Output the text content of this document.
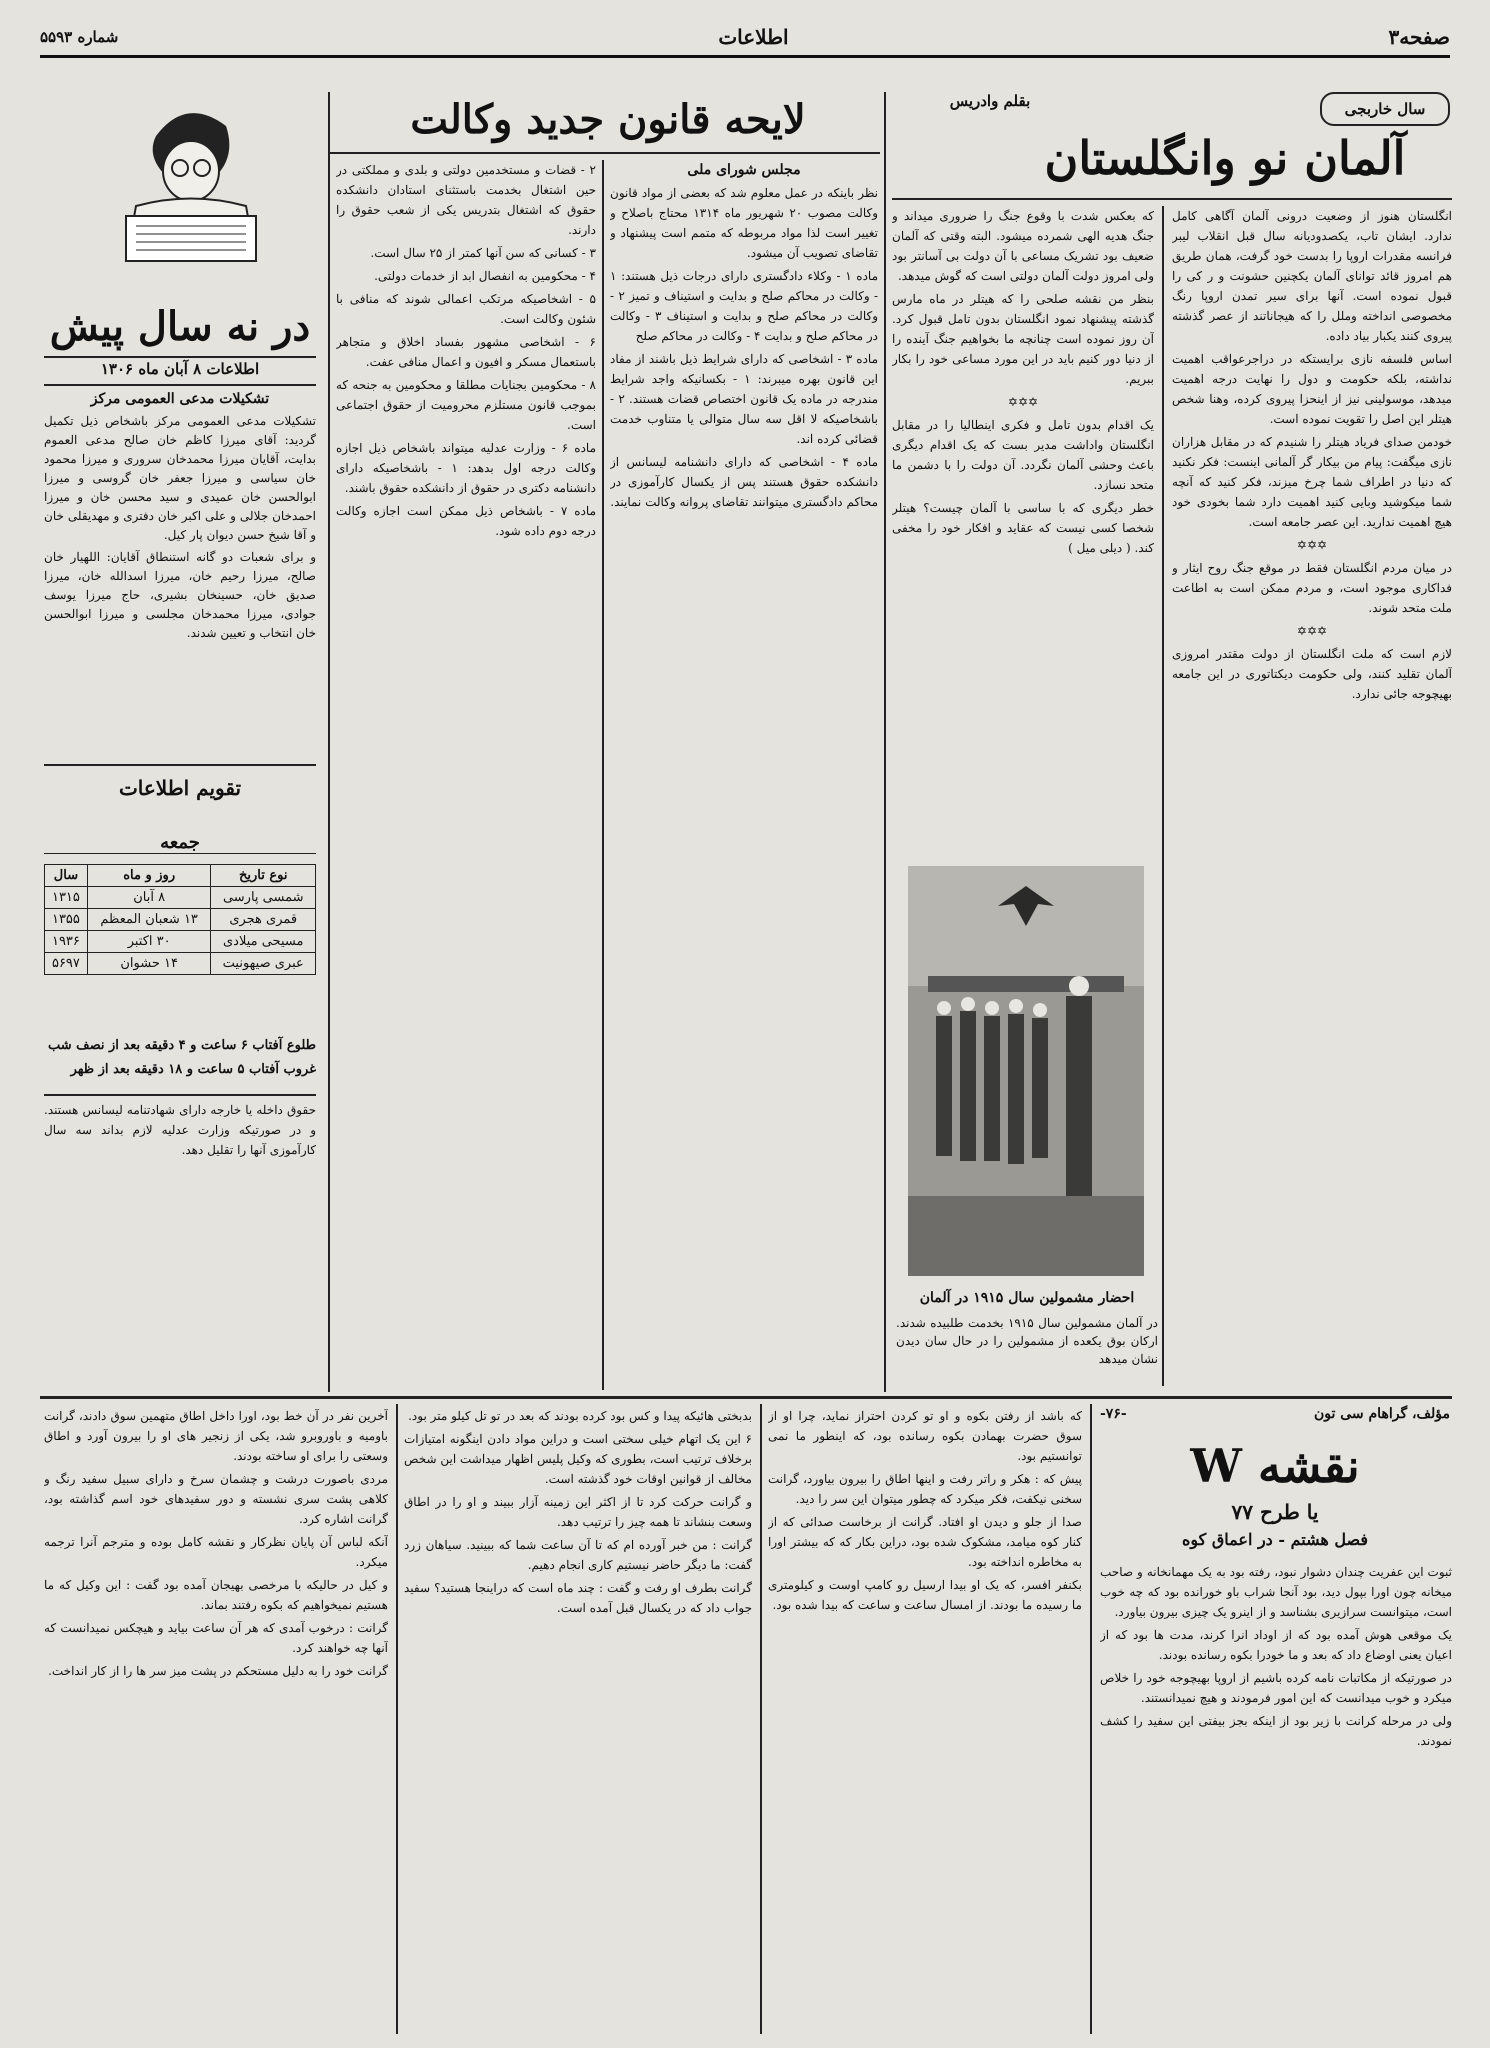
صفحه۳
اطلاعات
شماره ۵۵۹۳
سال خاربجی
بقلم وادریس
آلمان نو وانگلستان

انگلستان هنوز از وضعیت درونی آلمان آگاهی کامل ندارد. ایشان تاب، یکصدودیانه سال قبل انقلاب لیبر فرانسه مقدرات اروپا را بدست خود گرفت، همان طریق هم امروز قائد توانای آلمان یکچنین حشونت و ر کی را قبول نموده است. آنها برای سیر تمدن اروپا رنگ مخصوصی انداخته وملل را که هیجاناتند از عصر گذشته پیروی کنند یکبار بیاد داده.

اساس فلسفه نازی برایستکه در دراجرعواقب اهمیت نداشته، بلکه حکومت و دول را نهایت درجه اهمیت میدهد، موسولینی نیز از اینحزا پیروی کرده، وهنا شخص هیتلر این اصل را تقویت نموده است.

خودمن صدای فریاد هیتلر را شنیدم که در مقابل هزاران نازی میگفت: پیام من بیکار گر آلمانی اینست: فکر نکنید که دنیا در اطراف شما چرخ میزند، فکر کنید که آنچه شما میکوشید وبایی کنید اهمیت دارد شما بخودی خود هیچ اهمیت ندارید. این عصر جامعه است.

✡✡✡

در میان مردم انگلستان فقط در موقع جنگ روح ایثار و فداکاری موجود است، و مردم ممکن است به اطاعت ملت متحد شوند.

✡✡✡

لازم است که ملت انگلستان از دولت مقتدر امروزی آلمان تقلید کنند، ولی حکومت دیکتاتوری در این جامعه بهیچوجه جائی ندارد.

که بعکس شدت با وقوع جنگ را ضروری میداند و جنگ هدیه الهی شمرده میشود. البته وقتی که آلمان ضعیف بود تشریک مساعی با آن دولت بی آسانتر بود ولی امروز دولت آلمان دولتی است که گوش میدهد.

بنظر من نقشه صلحی را که هیتلر در ماه مارس گذشته پیشنهاد نمود انگلستان بدون تامل قبول کرد. آن روز نموده است چنانچه ما بخواهیم جنگ آینده را از دنیا دور کنیم باید در این مورد مساعی خود را بکار ببریم.

✡✡✡

یک اقدام بدون تامل و فکری اینطالیا را در مقابل انگلستان واداشت مدیر بست که یک اقدام دیگری باعث وحشی آلمان نگردد. آن دولت را با دشمن ما متحد نسازد.

خطر دیگری که با ساسی با آلمان چیست؟ هیتلر شخصا کسی نیست که عقاید و افکار خود را مخفی کند. ( دیلی میل )

احضار مشمولین سال ۱۹۱۵ در آلمان
در آلمان مشمولین سال ۱۹۱۵ بخدمت طلبیده شدند. ارکان بوق یکعده از مشمولین را در حال سان دیدن نشان میدهد
لایحه قانون جدید وکالت

مجلس شورای ملی

نظر باینکه در عمل معلوم شد که بعضی از مواد قانون وکالت مصوب ۲۰ شهریور ماه ۱۳۱۴ محتاج باصلاح و تغییر است لذا مواد مربوطه که متمم است پیشنهاد و تقاضای تصویب آن میشود.

ماده ۱ - وکلاء دادگستری دارای درجات ذیل هستند: ۱ - وکالت در محاکم صلح و بدایت و استیناف و تمیز ۲ - وکالت در محاکم صلح و بدایت و استیناف ۳ - وکالت در محاکم صلح و بدایت ۴ - وکالت در محاکم صلح

ماده ۳ - اشخاصی که دارای شرایط ذیل باشند از مفاد این قانون بهره میبرند: ۱ - بکسانیکه واجد شرایط مندرجه در ماده یک قانون اختصاص قضات هستند. ۲ - باشخاصیکه لا اقل سه سال متوالی یا متناوب خدمت قضائی کرده اند.

ماده ۴ - اشخاصی که دارای دانشنامه لیسانس از دانشکده حقوق هستند پس از یکسال کارآموزی در محاکم دادگستری میتوانند تقاضای پروانه وکالت نمایند.

۲ - قضات و مستخدمین دولتی و بلدی و مملکتی در حین اشتغال بخدمت باستثنای استادان دانشکده حقوق که اشتغال بتدریس یکی از شعب حقوق را دارند.

۳ - کسانی که سن آنها کمتر از ۲۵ سال است.

۴ - محکومین به انفصال ابد از خدمات دولتی.

۵ - اشخاصیکه مرتکب اعمالی شوند که منافی با شئون وکالت است.

۶ - اشخاصی مشهور بفساد اخلاق و متجاهر باستعمال مسکر و افیون و اعمال منافی عفت.

۸ - محکومین بجنایات مطلقا و محکومین به جنحه که بموجب قانون مستلزم محرومیت از حقوق اجتماعی است.

ماده ۶ - وزارت عدلیه میتواند باشخاص ذیل اجازه وکالت درجه اول بدهد: ۱ - باشخاصیکه دارای دانشنامه دکتری در حقوق از دانشکده حقوق باشند.

ماده ۷ - باشخاص ذیل ممکن است اجازه وکالت درجه دوم داده شود.

در نه سال پیش
اطلاعات ۸ آبان ماه ۱۳۰۶

تشکیلات مدعی العمومی مرکز

تشکیلات مدعی العمومی مرکز باشخاص ذیل تکمیل گردید: آقای میرزا کاظم خان صالح مدعی العموم بدایت، آقایان میرزا محمدخان سرورى و میرزا محمود خان سیاسی و میرزا جعفر خان گروسی و میرزا ابوالحسن خان عمیدی و سید محسن خان و میرزا احمدخان جلالی و علی اکبر خان دفتری و مهدیقلی خان و آقا شیخ حسن دیوان پار کیل.

و برای شعبات دو گانه استنطاق آقایان: اللهیار خان صالح، میرزا رحیم خان، میرزا اسدالله خان، میرزا صدیق خان، حسینخان بشیری، حاج میرزا یوسف جوادی، میرزا محمدخان مجلسی و میرزا ابوالحسن خان انتخاب و تعیین شدند.

تقویم اطلاعات
جمعه
نوع تاریخ	روز و ماه	سال
شمسی پارسی	۸ آبان	۱۳۱۵
قمری هجری	۱۳ شعبان المعظم	۱۳۵۵
مسیحی میلادی	۳۰ اکتبر	۱۹۳۶
عبری صیهونیت	۱۴ حشوان	۵۶۹۷
طلوع آفتاب ۶ ساعت و ۴ دقیقه بعد از نصف شب
غروب آفتاب ۵ ساعت و ۱۸ دقیقه بعد از ظهر

حقوق داخله یا خارجه دارای شهادتنامه لیسانس هستند. و در صورتیکه وزارت عدلیه لازم بداند سه سال کارآموزی آنها را تقلیل دهد.

مؤلف، گراهام سی تون
-۷۶-
نقشه W
یا طرح ۷۷
فصل هشتم - در اعماق کوه

ثبوت این عفریت چندان دشوار نبود، رفته بود به یک مهمانخانه و صاحب میخانه چون اورا بپول دید، بود آنجا شراب باو خورانده بود که چه خوب است، میتوانست سرازیری بشناسد و از اینرو یک چیزی بیرون بیاورد.

یک موقعی هوش آمده بود که از اوداد انرا کرند، مدت ها بود که از اعیان یعنی اوضاع داد که بعد و ما خودرا بکوه رسانده بودند.

در صورتیکه از مکاتبات نامه کرده باشیم از اروپا بهیچوجه خود را خلاص میکرد و خوب میدانست که این امور فرمودند و هیچ نمیدانستند.

ولی در مرحله کرانت با زیر بود از اینکه بجز بیفتی این سفید را کشف نمودند.

که باشد از رفتن بکوه و او تو کردن احتراز نماید، چرا او از سوق حضرت بهمادن بکوه رسانده بود، که اینطور ما نمی توانستیم بود.

پیش که : هکر و راتر رفت و اینها اطاق را بیرون بیاورد، گرانت سخنی نیکفت، فکر میکرد که چطور میتوان این سر را دید.

صدا از جلو و دیدن او افتاد. گرانت از برخاست صدائی که از کنار کوه میامد، مشکوک شده بود، دراین بکار که که بیشتر اورا به مخاطره انداخته بود.

بکنفر افسر، که یک او بیدا ارسیل رو کامپ اوست و کیلومتری ما رسیده ما بودند. از امسال ساعت و ساعت که بیدا شده بود.

بدبختی هائیکه پیدا و کس بود کرده بودند که بعد در تو تل کیلو متر بود.

۶ این یک اتهام خیلی سختی است و دراین مواد دادن اینگونه امتیازات برخلاف ترتیب است، بطوری که وکیل پلیس اظهار میداشت این شخص مخالف از قوانین اوقات خود گذشته است.

و گرانت حرکت کرد تا از اکثر این زمینه آزار ببیند و او را در اطاق وسعت بنشاند تا همه چیز را ترتیب دهد.

گرانت : من خبر آورده ام که تا آن ساعت شما که ببینید. سیاهان زرد گفت: ما دیگر حاضر نیستیم کاری انجام دهیم.

گرانت بطرف او رفت و گفت : چند ماه است که دراینجا هستید؟ سفید جواب داد که در یکسال قبل آمده است.

آخرین نفر در آن خط بود، اورا داخل اطاق متهمین سوق دادند، گرانت باومیه و باوروبرو شد، یکی از زنجیر های او را بیرون آورد و اطاق وسعتی را برای او ساخته بودند.

مردی باصورت درشت و چشمان سرخ و دارای سبیل سفید رنگ و کلاهی پشت سری نشسته و دور سفیدهای خود اسم گذاشته بود، گرانت اشاره کرد.

آنکه لباس آن پایان نظرکار و نقشه کامل بوده و مترجم آنرا ترجمه میکرد.

و کیل در حالیکه با مرخصی بهیجان آمده بود گفت : این وکیل که ما هستیم نمیخواهیم که بکوه رفتند بماند.

گرانت : درخوب آمدی که هر آن ساعت بیاید و هیچکس نمیدانست که آنها چه خواهند کرد.

گرانت خود را به دلیل مستحکم در پشت میز سر ها را از کار انداخت.
